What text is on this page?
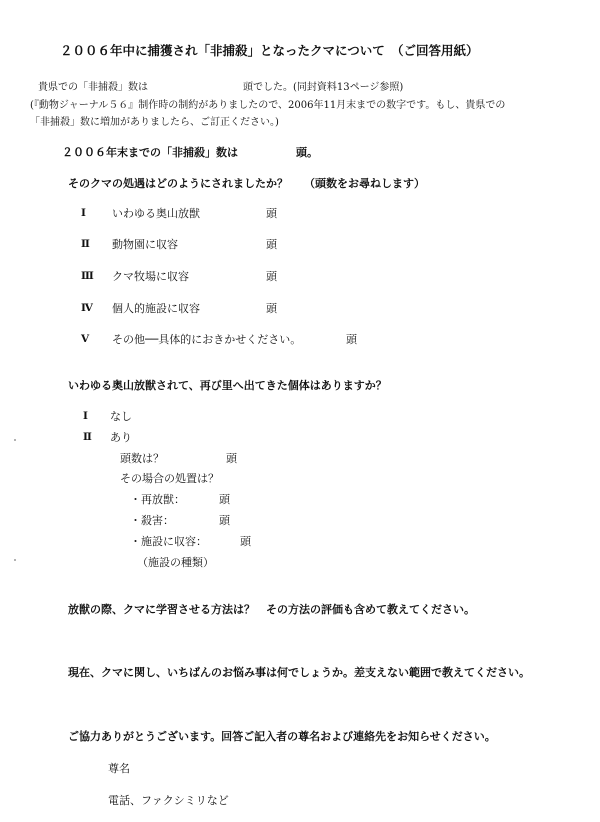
２００６年中に捕獲され「非捕殺」となったクマについて　（ご回答用紙）
貴県での「非捕殺」数は	頭でした。(同封資料13ページ参照)
(『動物ジャーナル５６』制作時の制約がありましたので、2006年11月末までの数字です。もし、貴県での
「非捕殺」数に増加がありましたら、ご訂正ください。)
２００６年末までの「非捕殺」数は	頭。
そのクマの処遇はどのようにされましたか？ （頭数をお尋ねします）
Ⅰ いわゆる奥山放獣	頭
Ⅱ 動物園に収容	頭
Ⅲ クマ牧場に収容	頭
Ⅳ 個人的施設に収容	頭
Ⅴ その他──具体的におきかせください。	頭
いわゆる奥山放獣されて、再び里へ出てきた個体はありますか？
Ⅰ なし
Ⅱ あり
頭数は？	頭
その場合の処置は？
・再放獣：	頭
・殺害：	頭
・施設に収容：	頭
（施設の種類）
放獣の際、クマに学習させる方法は？ その方法の評価も含めて教えてください。
現在、クマに関し、いちばんのお悩み事は何でしょうか。差支えない範囲で教えてください。
ご協力ありがとうございます。回答ご記入者の尊名および連絡先をお知らせください。
尊名
電話、ファクシミリなど
